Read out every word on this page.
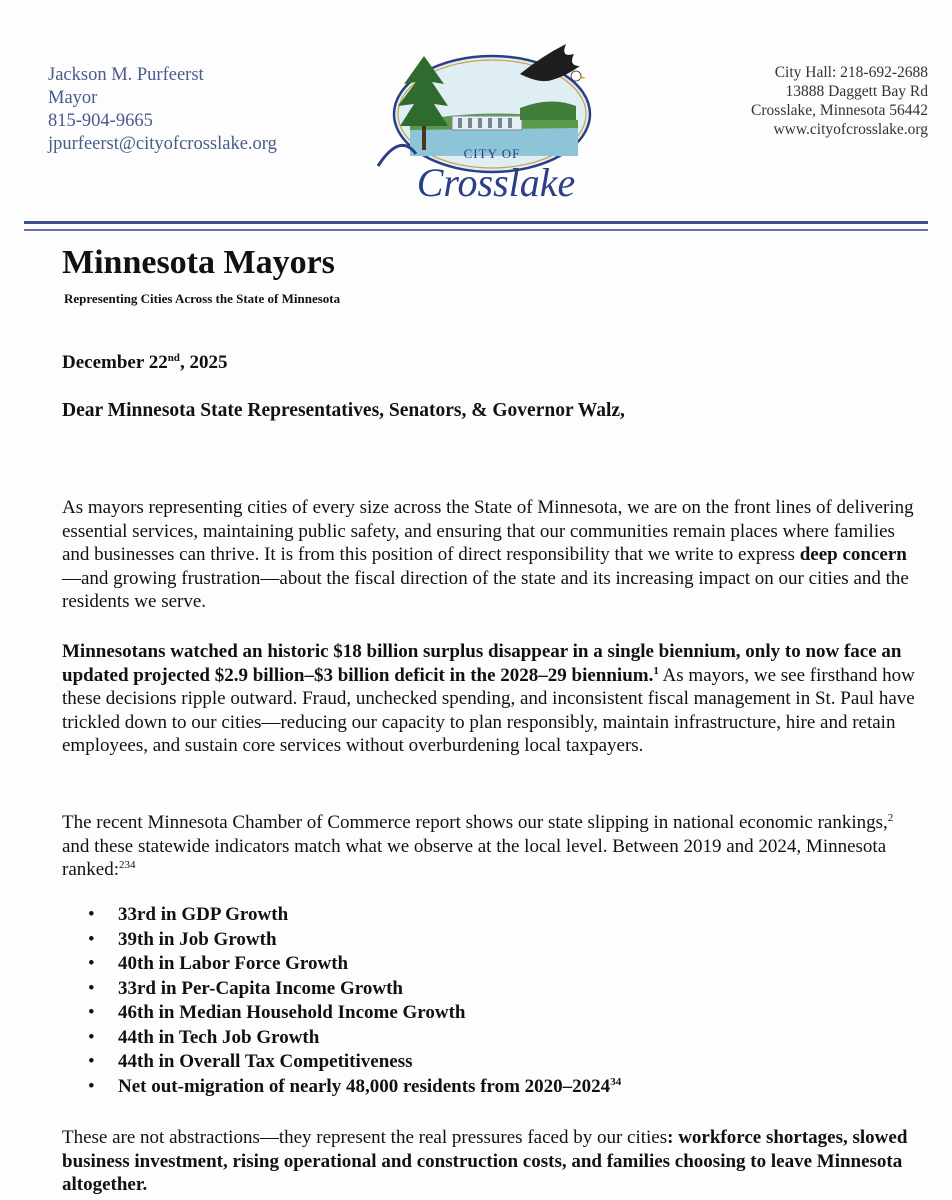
Jackson M. Purfeerst
Mayor
815-904-9665
jpurfeerst@cityofcrosslake.org	CITY OF
Crosslake
City Hall: 218-692-2688
13888 Daggett Bay Rd
Crosslake, Minnesota 56442
www.cityofcrosslake.org
Minnesota Mayors
Representing Cities Across the State of Minnesota
December 22nd, 2025
Dear Minnesota State Representatives, Senators, & Governor Walz,
As mayors representing cities of every size across the State of Minnesota, we are on the front lines of delivering essential services, maintaining public safety, and ensuring that our communities remain places where families and businesses can thrive. It is from this position of direct responsibility that we write to express deep concern—and growing frustration—about the fiscal direction of the state and its increasing impact on our cities and the residents we serve.
Minnesotans watched an historic $18 billion surplus disappear in a single biennium, only to now face an updated projected $2.9 billion–$3 billion deficit in the 2028–29 biennium.$^1$ As mayors, we see firsthand how these decisions ripple outward. Fraud, unchecked spending, and inconsistent fiscal management in St. Paul have trickled down to our cities—reducing our capacity to plan responsibly, maintain infrastructure, hire and retain employees, and sustain core services without overburdening local taxpayers.
The recent Minnesota Chamber of Commerce report shows our state slipping in national economic rankings,$^2$ and these statewide indicators match what we observe at the local level. Between 2019 and 2024, Minnesota ranked:$^{234}$
• 33rd in GDP Growth
• 39th in Job Growth
• 40th in Labor Force Growth
• 33rd in Per-Capita Income Growth
• 46th in Median Household Income Growth
• 44th in Tech Job Growth
• 44th in Overall Tax Competitiveness
• Net out-migration of nearly 48,000 residents from 2020–2024$^{34}$
These are not abstractions—they represent the real pressures faced by our cities: workforce shortages, slowed business investment, rising operational and construction costs, and families choosing to leave Minnesota altogether.
